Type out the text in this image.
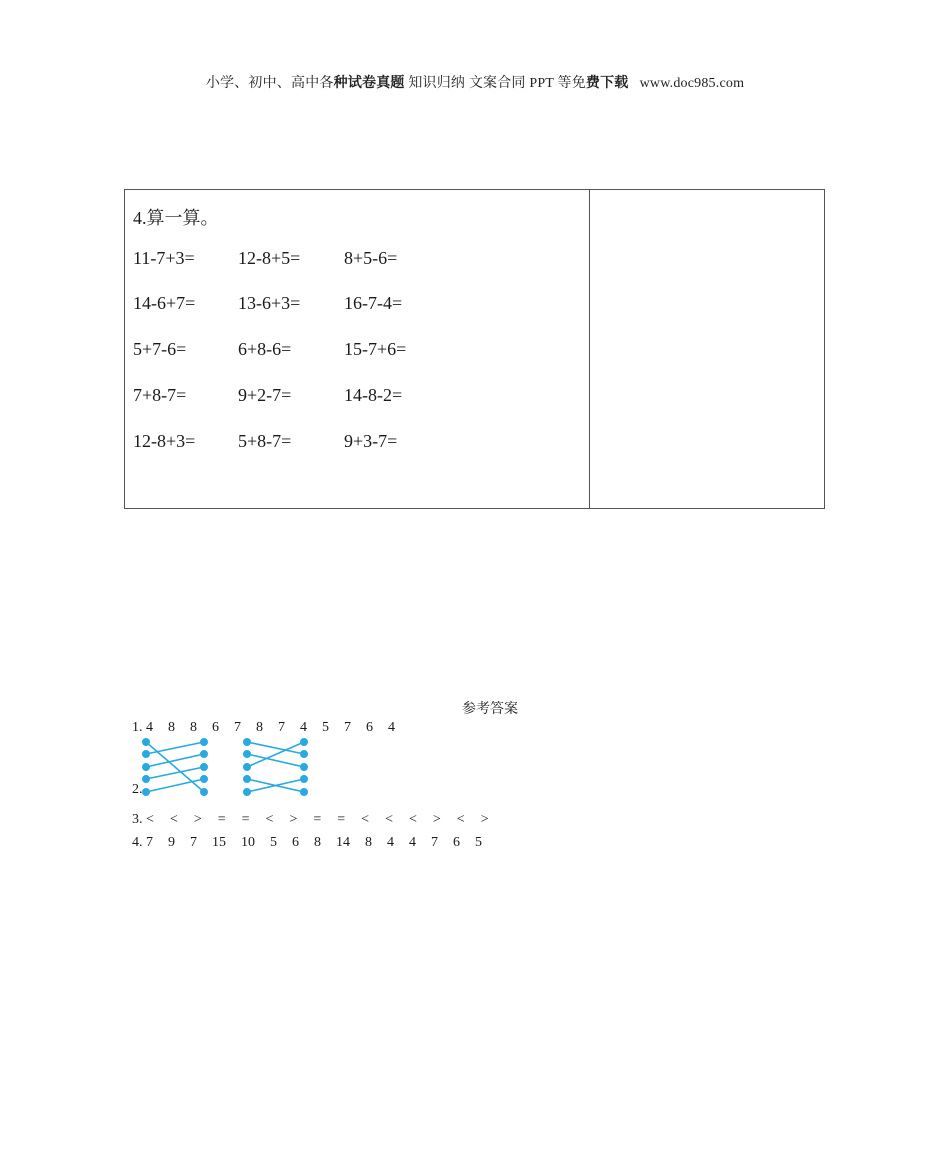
小学、初中、高中各种试卷真题 知识归纳 文案合同 PPT 等免费下载 www.doc985.com
4.算一算。
11-7+3= 12-8+5= 8+5-6=
14-6+7= 13-6+3= 16-7-4=
5+7-6=	6+8-6=	15-7+6=
7+8-7=	9+2-7=	14-8-2=
12-8+3= 5+8-7=	9+3-7=
参考答案
1. 4 8 8 6 7 8 7 4 5 7 6 4
2.
3. < < > = = < > = = < < < > < >
4. 7 9 7 15 10 5 6 8 14 8 4 4 7 6 5
